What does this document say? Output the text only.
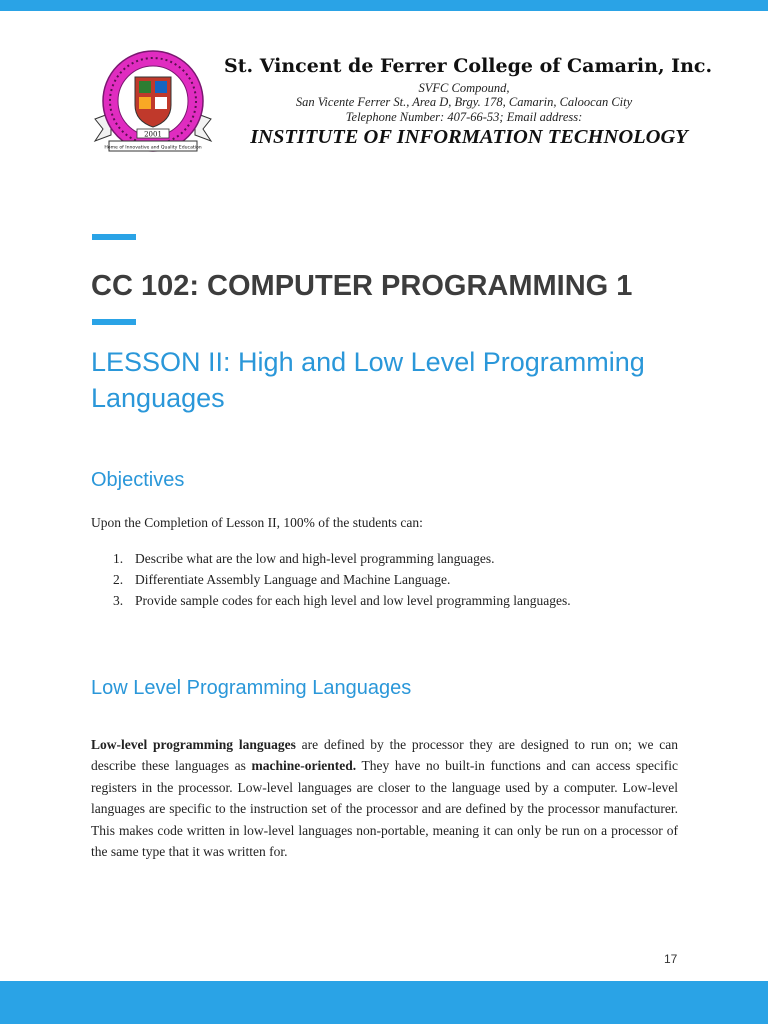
2001
Home of Innovative and Quality Education
St. Vincent de Ferrer College of Camarin, Inc.
SVFC Compound,
San Vicente Ferrer St., Area D, Brgy. 178, Camarin, Caloocan City
Telephone Number: 407-66-53; Email address:
INSTITUTE OF INFORMATION TECHNOLOGY
CC 102: COMPUTER PROGRAMMING 1
LESSON II: High and Low Level Programming Languages
Objectives
Upon the Completion of Lesson II, 100% of the students can:
1. Describe what are the low and high-level programming languages.
2. Differentiate Assembly Language and Machine Language.
3. Provide sample codes for each high level and low level programming languages.
Low Level Programming Languages

Low-level programming languages are defined by the processor they are designed to run on; we can describe these languages as machine-oriented. They have no built-in functions and can access specific registers in the processor. Low-level languages are closer to the language used by a computer. Low-level languages are specific to the instruction set of the processor and are defined by the processor manufacturer. This makes code written in low-level languages non-portable, meaning it can only be run on a processor of the same type that it was written for.

17
